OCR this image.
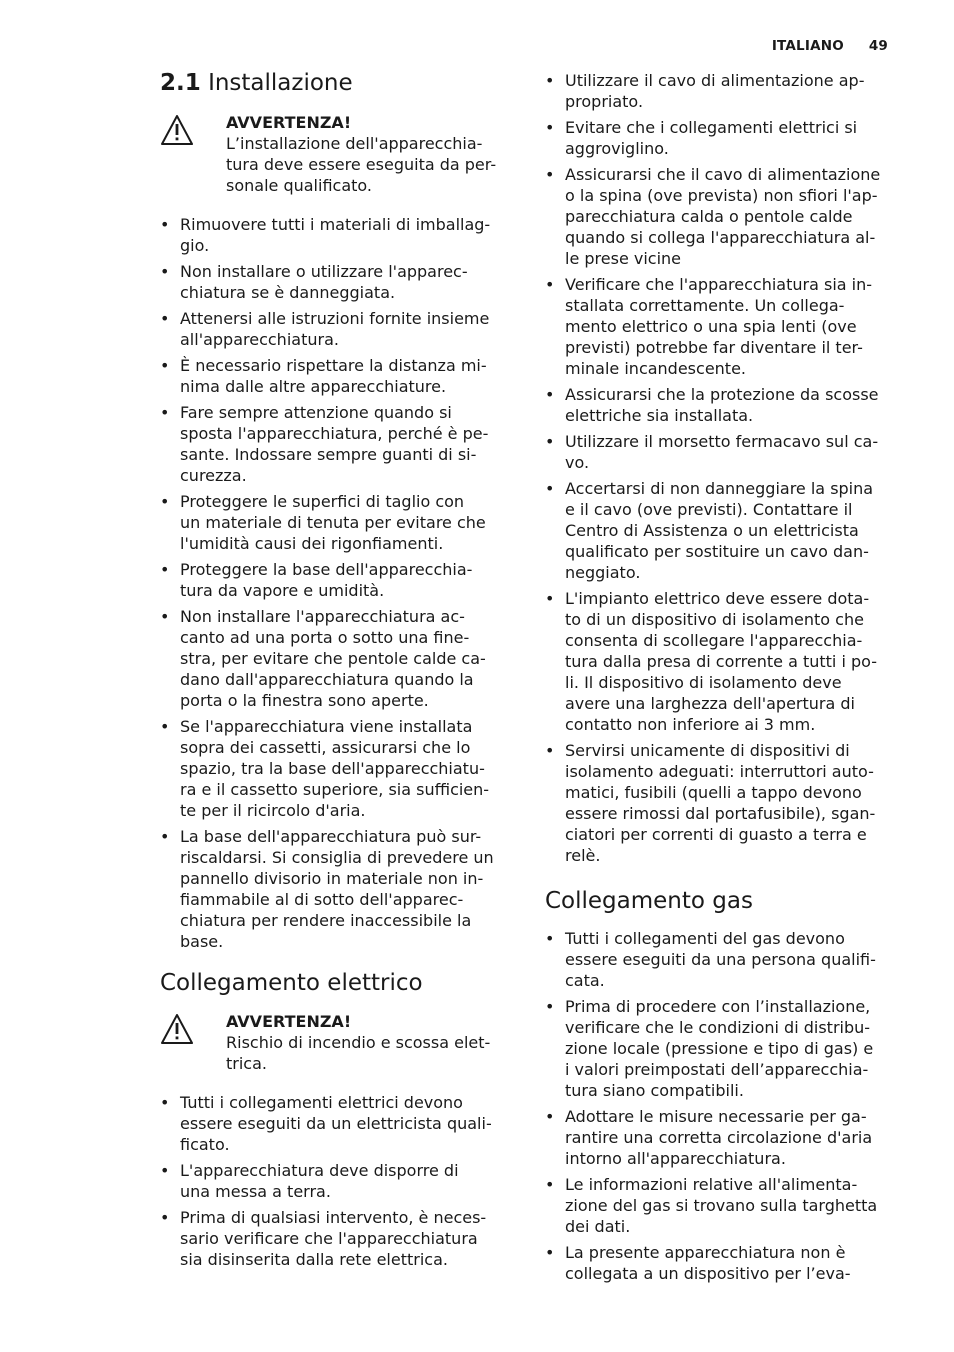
ITALIANO 49
2.1 Installazione
AVVERTENZA!
L’installazione dell'apparecchia-
tura deve essere eseguita da per-
sonale qualificato.
• Rimuovere tutti i materiali di imballag-
gio.
• Non installare o utilizzare l'apparec-
chiatura se è danneggiata.
• Attenersi alle istruzioni fornite insieme
all'apparecchiatura.
• È necessario rispettare la distanza mi-
nima dalle altre apparecchiature.
• Fare sempre attenzione quando si
sposta l'apparecchiatura, perché è pe-
sante. Indossare sempre guanti di si-
curezza.
• Proteggere le superfici di taglio con
un materiale di tenuta per evitare che
l'umidità causi dei rigonfiamenti.
• Proteggere la base dell'apparecchia-
tura da vapore e umidità.
• Non installare l'apparecchiatura ac-
canto ad una porta o sotto una fine-
stra, per evitare che pentole calde ca-
dano dall'apparecchiatura quando la
porta o la finestra sono aperte.
• Se l'apparecchiatura viene installata
sopra dei cassetti, assicurarsi che lo
spazio, tra la base dell'apparecchiatu-
ra e il cassetto superiore, sia sufficien-
te per il ricircolo d'aria.
• La base dell'apparecchiatura può sur-
riscaldarsi. Si consiglia di prevedere un
pannello divisorio in materiale non in-
fiammabile al di sotto dell'apparec-
chiatura per rendere inaccessibile la
base.
Collegamento elettrico
AVVERTENZA!
Rischio di incendio e scossa elet-
trica.
• Tutti i collegamenti elettrici devono
essere eseguiti da un elettricista quali-
ficato.
• L'apparecchiatura deve disporre di
una messa a terra.
• Prima di qualsiasi intervento, è neces-
sario verificare che l'apparecchiatura
sia disinserita dalla rete elettrica.
• Utilizzare il cavo di alimentazione ap-
propriato.
• Evitare che i collegamenti elettrici si
aggroviglino.
• Assicurarsi che il cavo di alimentazione
o la spina (ove prevista) non sfiori l'ap-
parecchiatura calda o pentole calde
quando si collega l'apparecchiatura al-
le prese vicine
• Verificare che l'apparecchiatura sia in-
stallata correttamente. Un collega-
mento elettrico o una spia lenti (ove
previsti) potrebbe far diventare il ter-
minale incandescente.
• Assicurarsi che la protezione da scosse
elettriche sia installata.
• Utilizzare il morsetto fermacavo sul ca-
vo.
• Accertarsi di non danneggiare la spina
e il cavo (ove previsti). Contattare il
Centro di Assistenza o un elettricista
qualificato per sostituire un cavo dan-
neggiato.
• L'impianto elettrico deve essere dota-
to di un dispositivo di isolamento che
consenta di scollegare l'apparecchia-
tura dalla presa di corrente a tutti i po-
li. Il dispositivo di isolamento deve
avere una larghezza dell'apertura di
contatto non inferiore ai 3 mm.
• Servirsi unicamente di dispositivi di
isolamento adeguati: interruttori auto-
matici, fusibili (quelli a tappo devono
essere rimossi dal portafusibile), sgan-
ciatori per correnti di guasto a terra e
relè.
Collegamento gas
• Tutti i collegamenti del gas devono
essere eseguiti da una persona qualifi-
cata.
• Prima di procedere con l’installazione,
verificare che le condizioni di distribu-
zione locale (pressione e tipo di gas) e
i valori preimpostati dell’apparecchia-
tura siano compatibili.
• Adottare le misure necessarie per ga-
rantire una corretta circolazione d'aria
intorno all'apparecchiatura.
• Le informazioni relative all'alimenta-
zione del gas si trovano sulla targhetta
dei dati.
• La presente apparecchiatura non è
collegata a un dispositivo per l’eva-
